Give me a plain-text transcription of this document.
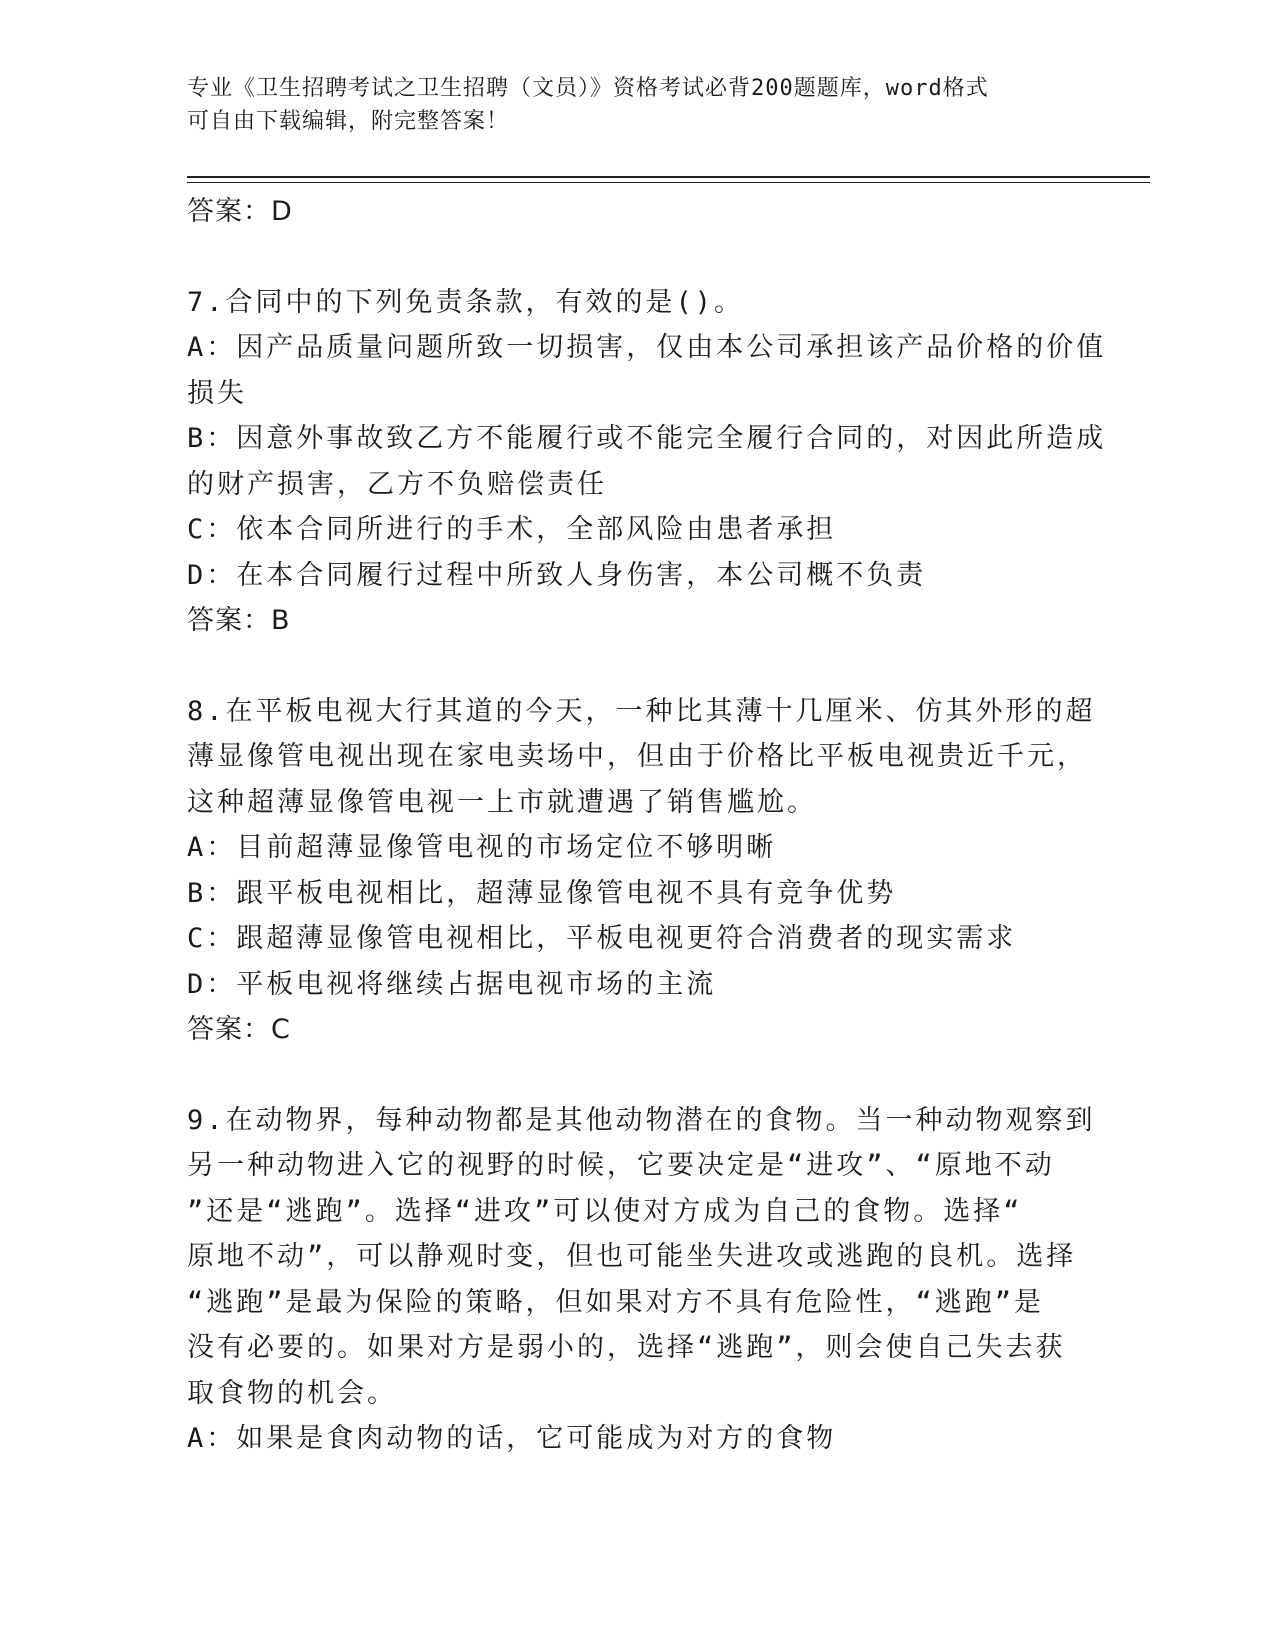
专业《卫生招聘考试之卫生招聘（文员）》资格考试必背200题题库，word格式
可自由下载编辑，附完整答案！
答案：D
7.合同中的下列免责条款，有效的是()。
A：因产品质量问题所致一切损害，仅由本公司承担该产品价格的价值
损失
B：因意外事故致乙方不能履行或不能完全履行合同的，对因此所造成
的财产损害，乙方不负赔偿责任
C：依本合同所进行的手术，全部风险由患者承担
D：在本合同履行过程中所致人身伤害，本公司概不负责
答案：B
8.在平板电视大行其道的今天，一种比其薄十几厘米、仿其外形的超
薄显像管电视出现在家电卖场中，但由于价格比平板电视贵近千元，
这种超薄显像管电视一上市就遭遇了销售尴尬。
A：目前超薄显像管电视的市场定位不够明晰
B：跟平板电视相比，超薄显像管电视不具有竞争优势
C：跟超薄显像管电视相比，平板电视更符合消费者的现实需求
D：平板电视将继续占据电视市场的主流
答案：C
9.在动物界，每种动物都是其他动物潜在的食物。当一种动物观察到
另一种动物进入它的视野的时候，它要决定是“进攻”、“原地不动
”还是“逃跑”。选择“进攻”可以使对方成为自己的食物。选择“
原地不动”，可以静观时变，但也可能坐失进攻或逃跑的良机。选择
“逃跑”是最为保险的策略，但如果对方不具有危险性，“逃跑”是
没有必要的。如果对方是弱小的，选择“逃跑”，则会使自己失去获
取食物的机会。
A：如果是食肉动物的话，它可能成为对方的食物
